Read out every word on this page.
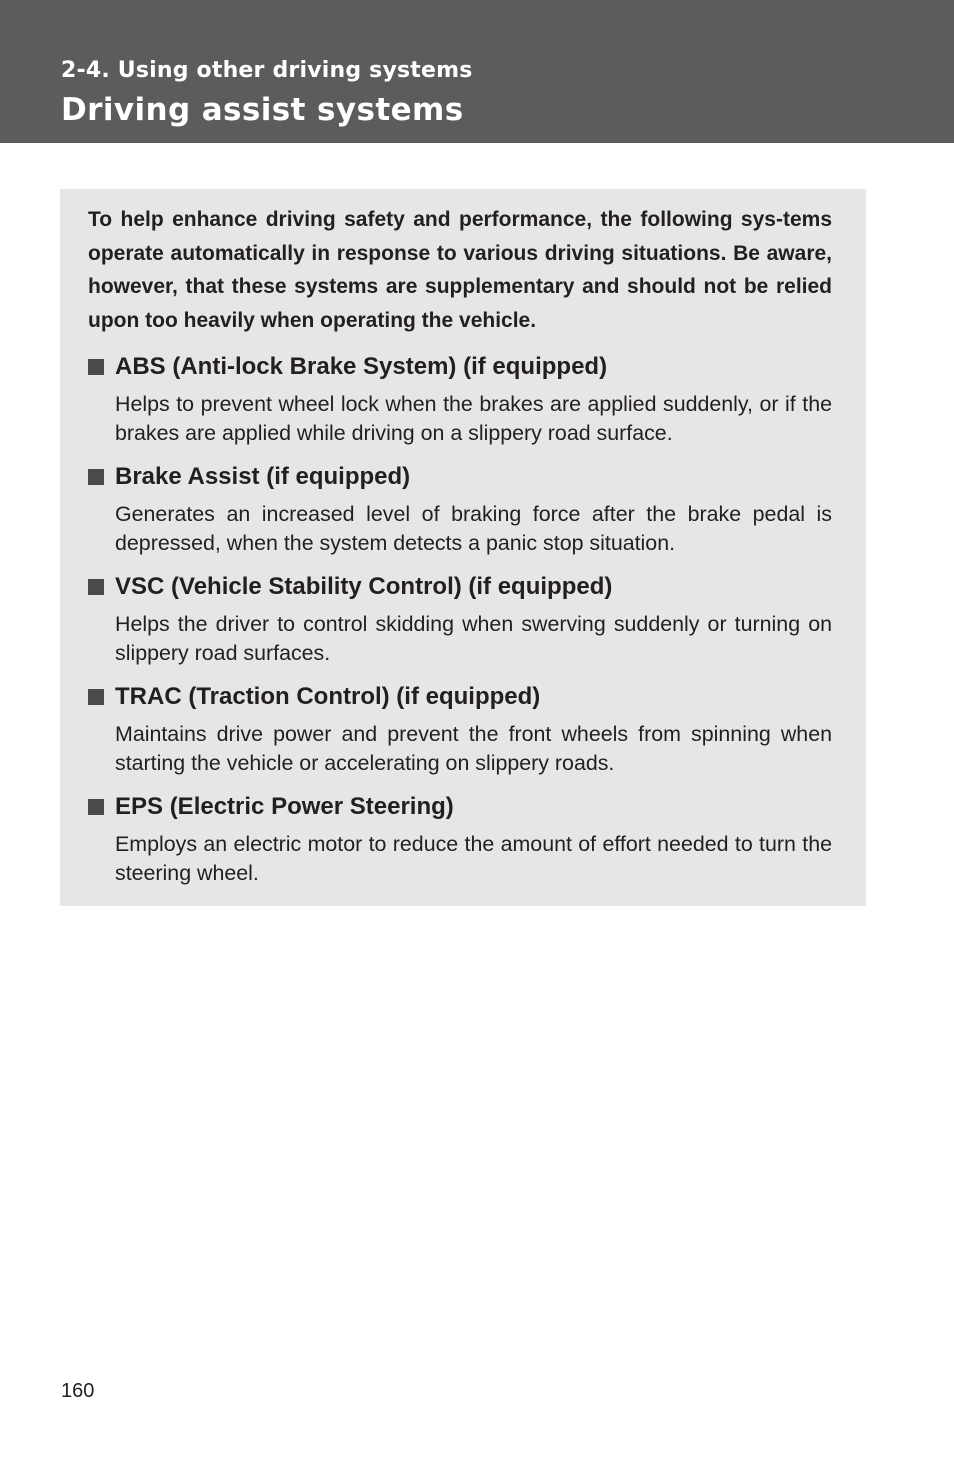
2-4. Using other driving systems
Driving assist systems

To help enhance driving safety and performance, the following sys-tems operate automatically in response to various driving situations. Be aware, however, that these systems are supplementary and should not be relied upon too heavily when operating the vehicle.

ABS (Anti-lock Brake System) (if equipped)

Helps to prevent wheel lock when the brakes are applied suddenly, or if the brakes are applied while driving on a slippery road surface.

Brake Assist (if equipped)

Generates an increased level of braking force after the brake pedal is depressed, when the system detects a panic stop situation.

VSC (Vehicle Stability Control) (if equipped)

Helps the driver to control skidding when swerving suddenly or turning on slippery road surfaces.

TRAC (Traction Control) (if equipped)

Maintains drive power and prevent the front wheels from spinning when starting the vehicle or accelerating on slippery roads.

EPS (Electric Power Steering)

Employs an electric motor to reduce the amount of effort needed to turn the steering wheel.

160
